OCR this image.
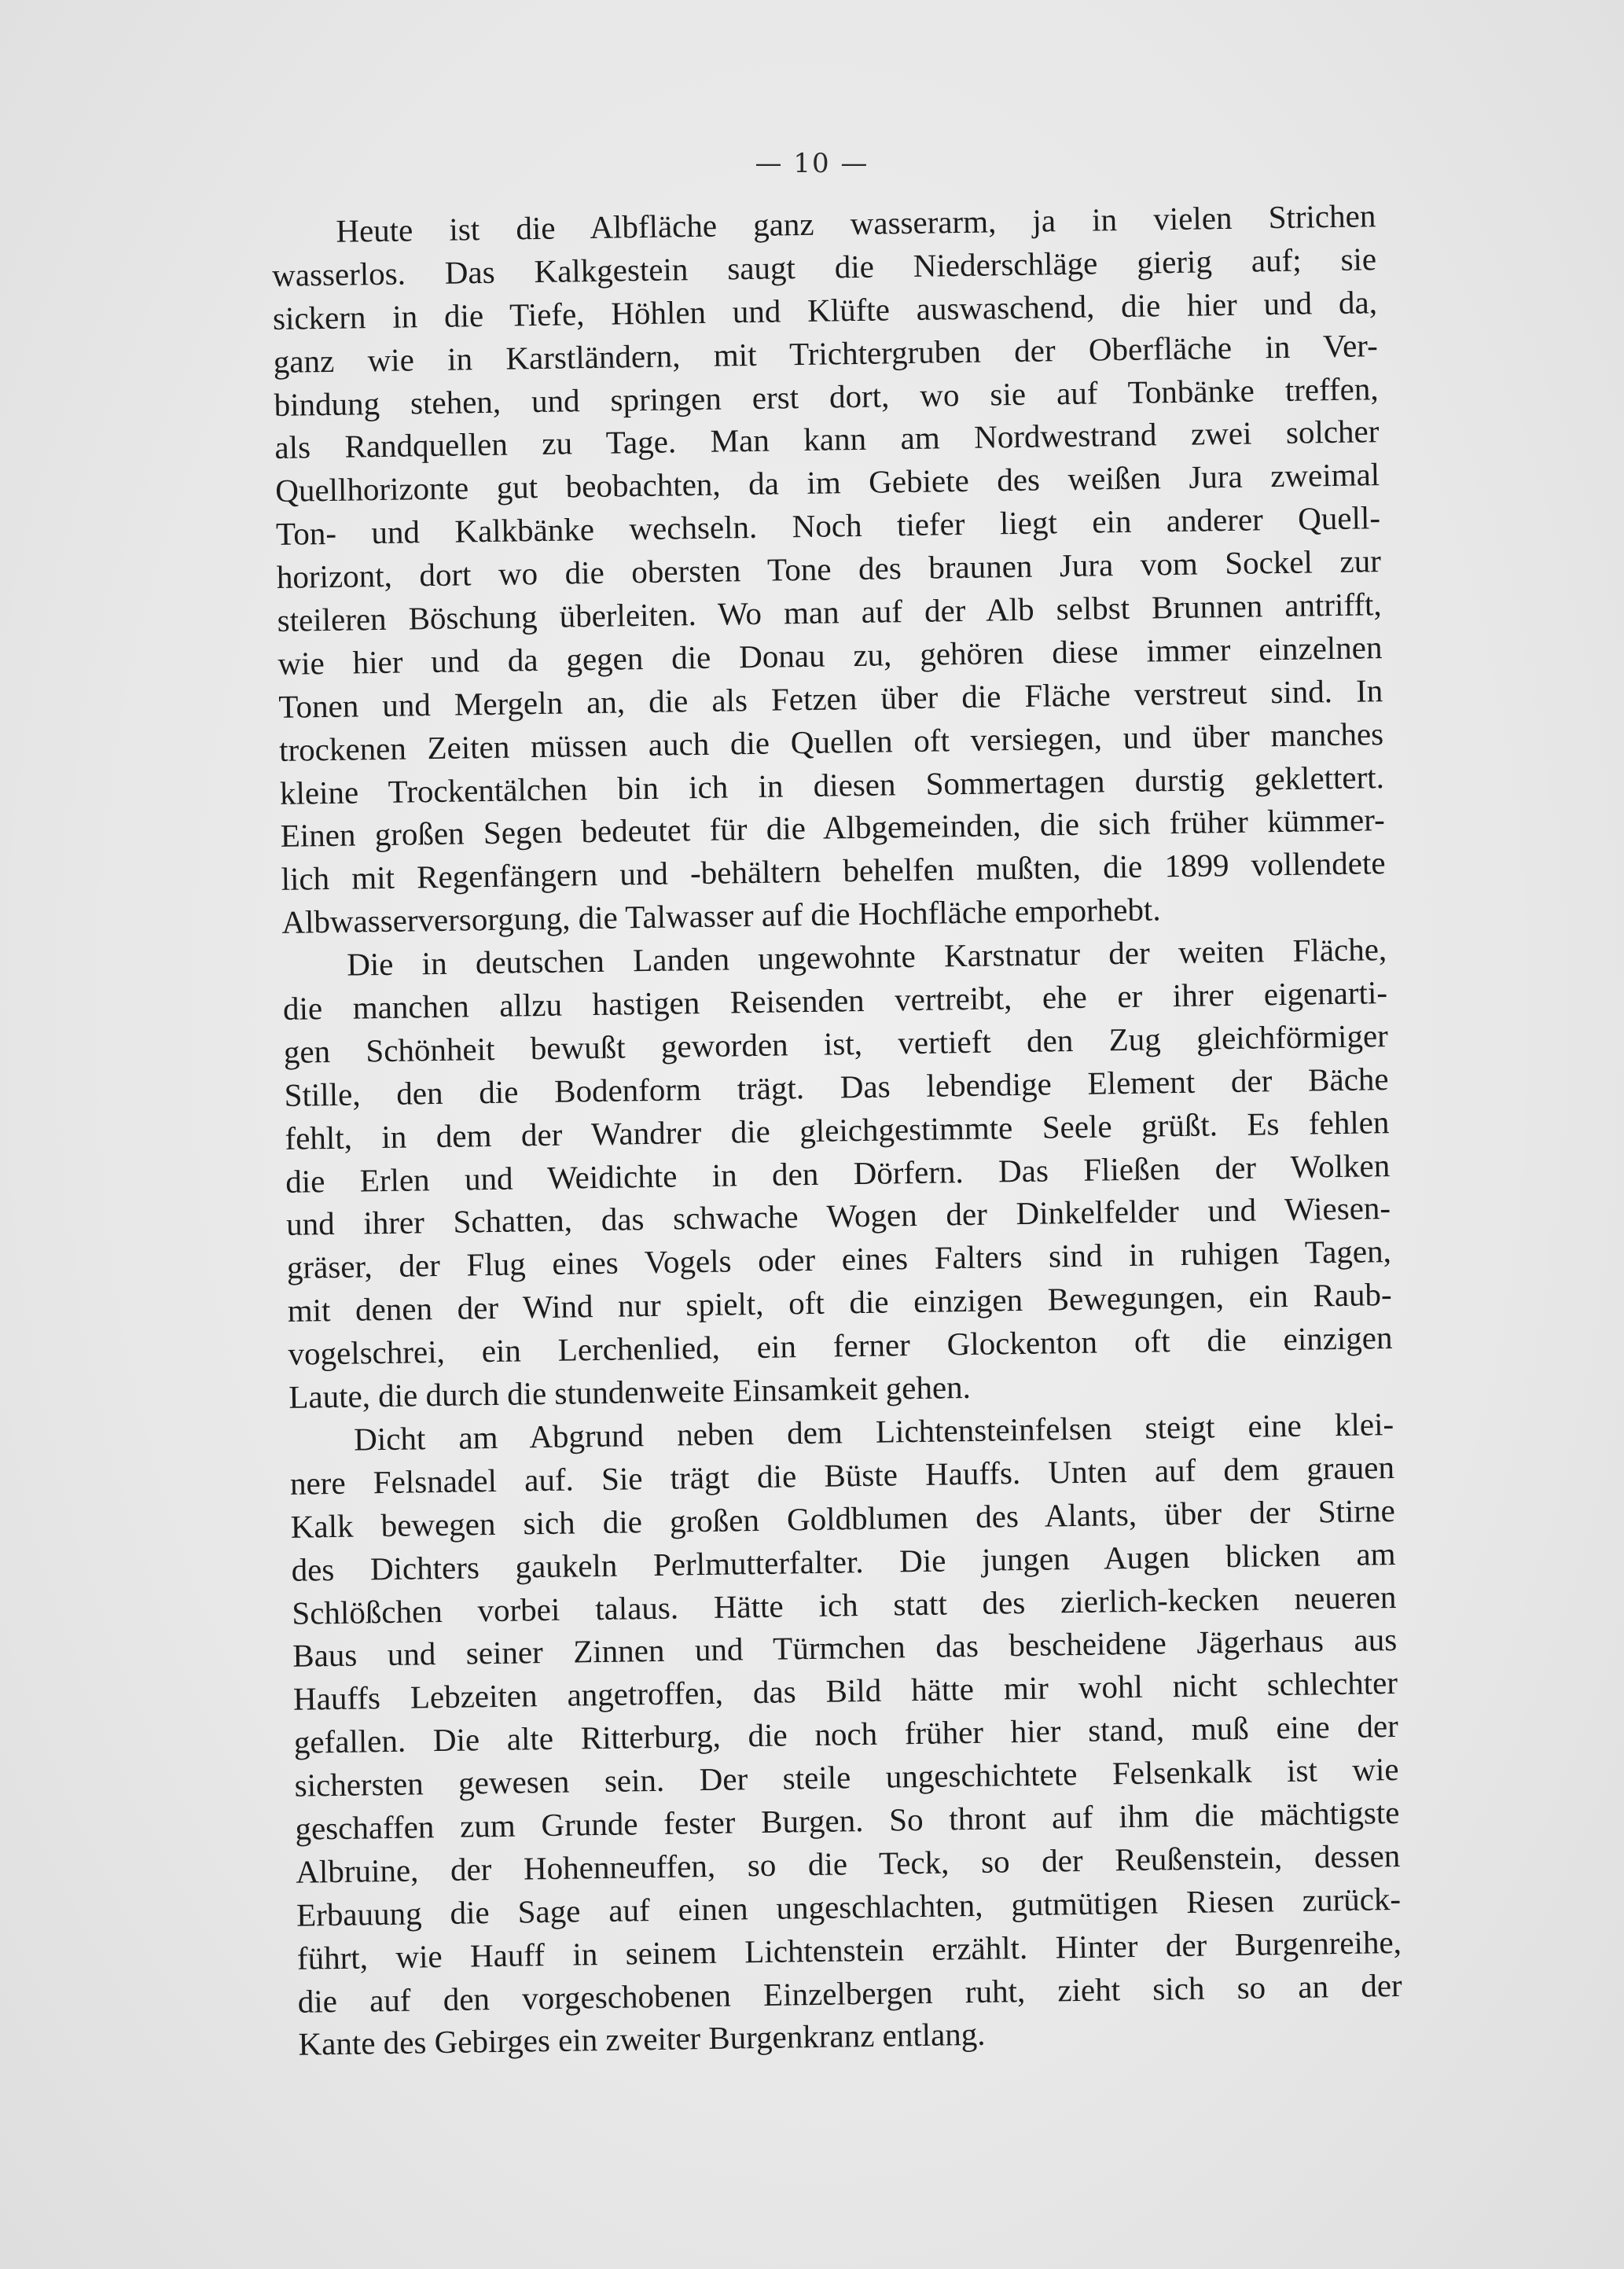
— 10 —
Heute ist die Albfläche ganz wasserarm, ja in vielen Strichen
wasserlos. Das Kalkgestein saugt die Niederschläge gierig auf; sie
sickern in die Tiefe, Höhlen und Klüfte auswaschend, die hier und da,
ganz wie in Karstländern, mit Trichtergruben der Oberfläche in Ver-
bindung stehen, und springen erst dort, wo sie auf Tonbänke treffen,
als Randquellen zu Tage. Man kann am Nordwestrand zwei solcher
Quellhorizonte gut beobachten, da im Gebiete des weißen Jura zweimal
Ton- und Kalkbänke wechseln. Noch tiefer liegt ein anderer Quell-
horizont, dort wo die obersten Tone des braunen Jura vom Sockel zur
steileren Böschung überleiten. Wo man auf der Alb selbst Brunnen antrifft,
wie hier und da gegen die Donau zu, gehören diese immer einzelnen
Tonen und Mergeln an, die als Fetzen über die Fläche verstreut sind. In
trockenen Zeiten müssen auch die Quellen oft versiegen, und über manches
kleine Trockentälchen bin ich in diesen Sommertagen durstig geklettert.
Einen großen Segen bedeutet für die Albgemeinden, die sich früher kümmer-
lich mit Regenfängern und -behältern behelfen mußten, die 1899 vollendete
Albwasserversorgung, die Talwasser auf die Hochfläche emporhebt.
Die in deutschen Landen ungewohnte Karstnatur der weiten Fläche,
die manchen allzu hastigen Reisenden vertreibt, ehe er ihrer eigenarti-
gen Schönheit bewußt geworden ist, vertieft den Zug gleichförmiger
Stille, den die Bodenform trägt. Das lebendige Element der Bäche
fehlt, in dem der Wandrer die gleichgestimmte Seele grüßt. Es fehlen
die Erlen und Weidichte in den Dörfern. Das Fließen der Wolken
und ihrer Schatten, das schwache Wogen der Dinkelfelder und Wiesen-
gräser, der Flug eines Vogels oder eines Falters sind in ruhigen Tagen,
mit denen der Wind nur spielt, oft die einzigen Bewegungen, ein Raub-
vogelschrei, ein Lerchenlied, ein ferner Glockenton oft die einzigen
Laute, die durch die stundenweite Einsamkeit gehen.
Dicht am Abgrund neben dem Lichtensteinfelsen steigt eine klei-
nere Felsnadel auf. Sie trägt die Büste Hauffs. Unten auf dem grauen
Kalk bewegen sich die großen Goldblumen des Alants, über der Stirne
des Dichters gaukeln Perlmutterfalter. Die jungen Augen blicken am
Schlößchen vorbei talaus. Hätte ich statt des zierlich-kecken neueren
Baus und seiner Zinnen und Türmchen das bescheidene Jägerhaus aus
Hauffs Lebzeiten angetroffen, das Bild hätte mir wohl nicht schlechter
gefallen. Die alte Ritterburg, die noch früher hier stand, muß eine der
sichersten gewesen sein. Der steile ungeschichtete Felsenkalk ist wie
geschaffen zum Grunde fester Burgen. So thront auf ihm die mächtigste
Albruine, der Hohenneuffen, so die Teck, so der Reußenstein, dessen
Erbauung die Sage auf einen ungeschlachten, gutmütigen Riesen zurück-
führt, wie Hauff in seinem Lichtenstein erzählt. Hinter der Burgenreihe,
die auf den vorgeschobenen Einzelbergen ruht, zieht sich so an der
Kante des Gebirges ein zweiter Burgenkranz entlang.
